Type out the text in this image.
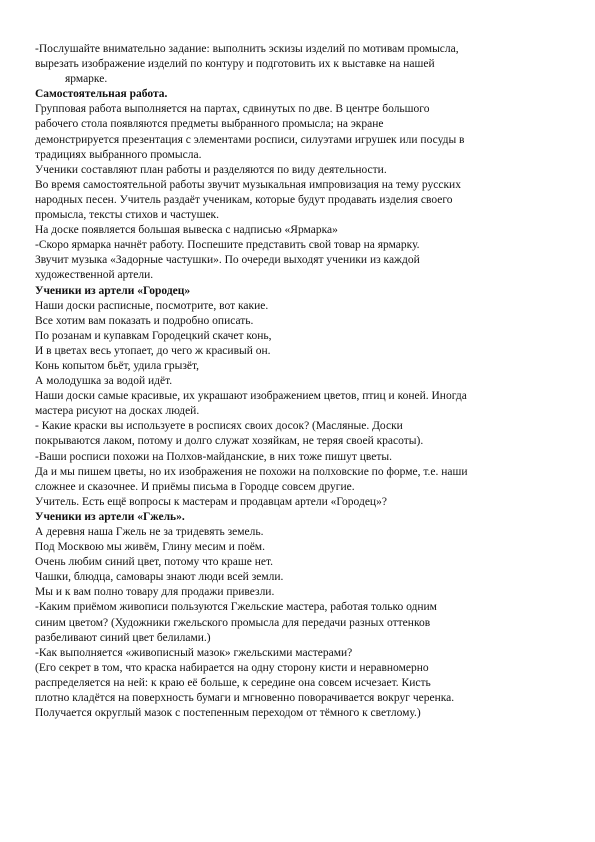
-Послушайте внимательно задание: выполнить эскизы изделий по мотивам промысла,
вырезать изображение изделий по контуру и подготовить их к выставке на нашей
ярмарке.
Самостоятельная работа.
Групповая работа выполняется на партах, сдвинутых по две. В центре большого
рабочего стола появляются предметы выбранного промысла; на экране
демонстрируется презентация с элементами росписи, силуэтами игрушек или посуды в
традициях выбранного промысла.
Ученики составляют план работы и разделяются по виду деятельности.
Во время самостоятельной работы звучит музыкальная импровизация на тему русских
народных песен. Учитель раздаёт ученикам, которые будут продавать изделия своего
промысла, тексты стихов и частушек.
На доске появляется большая вывеска с надписью «Ярмарка»
-Скоро ярмарка начнёт работу. Поспешите представить свой товар на ярмарку.
Звучит музыка «Задорные частушки». По очереди выходят ученики из каждой
художественной артели.
Ученики из артели «Городец»
Наши доски расписные, посмотрите, вот какие.
Все хотим вам показать и подробно описать.
По розанам и купавкам Городецкий скачет конь,
И в цветах весь утопает, до чего ж красивый он.
Конь копытом бьёт, удила грызёт,
А молодушка за водой идёт.
Наши доски самые красивые, их украшают изображением цветов, птиц и коней. Иногда
мастера рисуют на досках людей.
- Какие краски вы используете в росписях своих досок? (Масляные. Доски
покрываются лаком, потому и долго служат хозяйкам, не теряя своей красоты).
-Ваши росписи похожи на Полхов-майданские, в них тоже пишут цветы.
Да и мы пишем цветы, но их изображения не похожи на полховские по форме, т.е. наши
сложнее и сказочнее. И приёмы письма в Городце совсем другие.
Учитель. Есть ещё вопросы к мастерам и продавцам артели «Городец»?
Ученики из артели «Гжель».
А деревня наша Гжель не за тридевять земель.
Под Москвою мы живём, Глину месим и поём.
Очень любим синий цвет, потому что краше нет.
Чашки, блюдца, самовары знают люди всей земли.
Мы и к вам полно товару для продажи привезли.
-Каким приёмом живописи пользуются Гжельские мастера, работая только одним
синим цветом? (Художники гжельского промысла для передачи разных оттенков
разбеливают синий цвет белилами.)
-Как выполняется «живописный мазок» гжельскими мастерами?
(Его секрет в том, что краска набирается на одну сторону кисти и неравномерно
распределяется на ней: к краю её больше, к середине она совсем исчезает. Кисть
плотно кладётся на поверхность бумаги и мгновенно поворачивается вокруг черенка.
Получается округлый мазок с постепенным переходом от тёмного к светлому.)
